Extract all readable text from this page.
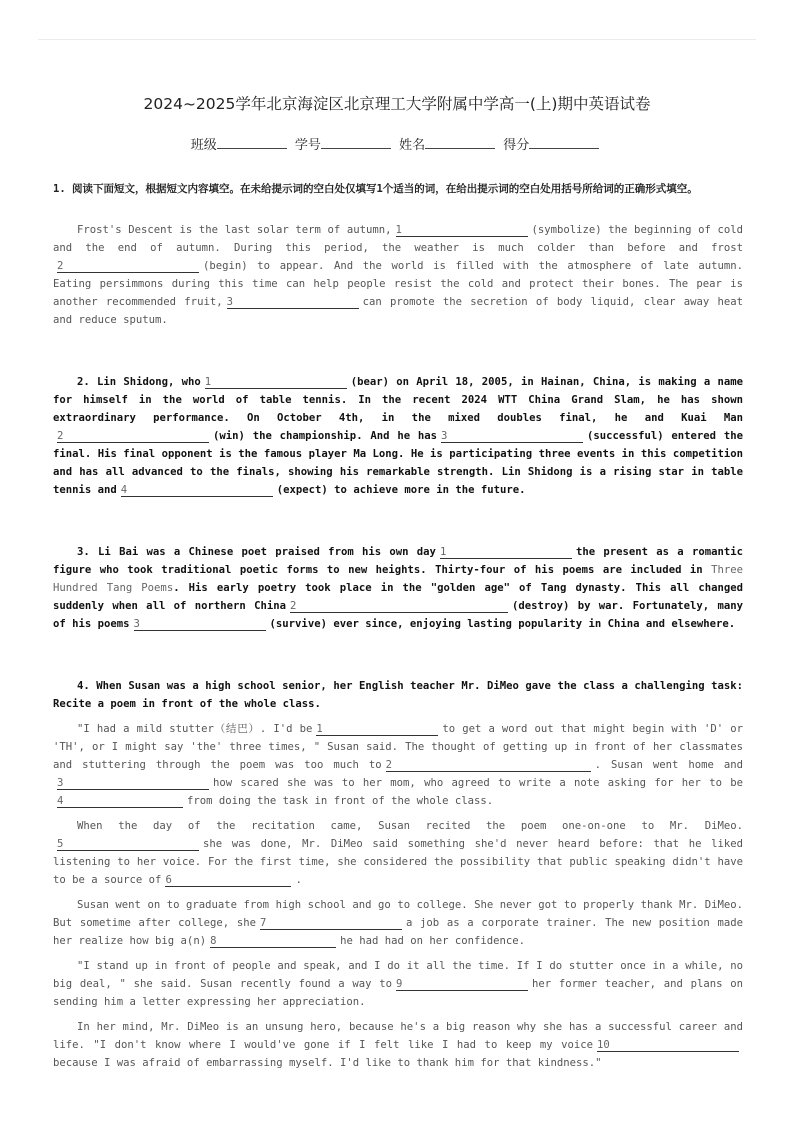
2024~2025学年北京海淀区北京理工大学附属中学高一(上)期中英语试卷
班级	学号	姓名	得分
1. 阅读下面短文，根据短文内容填空。在未给提示词的空白处仅填写1个适当的词，在给出提示词的空白处用括号所给词的正确形式填空。

Frost's Descent is the last solar term of autumn, 1	(symbolize) the beginning of cold and the end of autumn. During this period, the weather is much colder than before and frost2	(begin) to appear. And the world is filled with the atmosphere of late autumn. Eating persimmons during this time can help people resist the cold and protect their bones. The pear is another recommended fruit, 3	can promote the secretion of body liquid, clear away heat and reduce sputum.

2. Lin Shidong, who 1	(bear) on April 18, 2005, in Hainan, China, is making a name for himself in the world of table tennis. In the recent 2024 WTT China Grand Slam, he has shown extraordinary performance. On October 4th, in the mixed doubles final, he and Kuai Man2	(win) the championship. And he has 3	(successful) entered the final. His final opponent is the famous player Ma Long. He is participating three events in this competition and has all advanced to the finals, showing his remarkable strength. Lin Shidong is a rising star in table tennis and 4	(expect) to achieve more in the future.

3. Li Bai was a Chinese poet praised from his own day 1	the present as a romantic figure who took traditional poetic forms to new heights. Thirty-four of his poems are included in Three Hundred Tang Poems. His early poetry took place in the "golden age" of Tang dynasty. This all changed suddenly when all of northern China 2	(destroy) by war. Fortunately, many of his poems 3	(survive) ever since, enjoying lasting popularity in China and elsewhere.

4. When Susan was a high school senior, her English teacher Mr. DiMeo gave the class a challenging task: Recite a poem in front of the whole class.

"I had a mild stutter（结巴）. I'd be 1	to get a word out that might begin with 'D' or 'TH', or I might say 'the' three times, " Susan said. The thought of getting up in front of her classmates and stuttering through the poem was too much to 2	. Susan went home and3	how scared she was to her mom, who agreed to write a note asking for her to be4	from doing the task in front of the whole class.

When the day of the recitation came, Susan recited the poem one-on-one to Mr. DiMeo.5	she was done, Mr. DiMeo said something she'd never heard before: that he liked listening to her voice. For the first time, she considered the possibility that public speaking didn't have to be a source of 6	.

Susan went on to graduate from high school and go to college. She never got to properly thank Mr. DiMeo. But sometime after college, she 7	a job as a corporate trainer. The new position made her realize how big a(n) 8	he had had on her confidence.

"I stand up in front of people and speak, and I do it all the time. If I do stutter once in a while, no big deal, " she said. Susan recently found a way to 9	her former teacher, and plans on sending him a letter expressing her appreciation.

In her mind, Mr. DiMeo is an unsung hero, because he's a big reason why she has a successful career and life. "I don't know where I would've gone if I felt like I had to keep my voice 10because I was afraid of embarrassing myself. I'd like to thank him for that kindness."
